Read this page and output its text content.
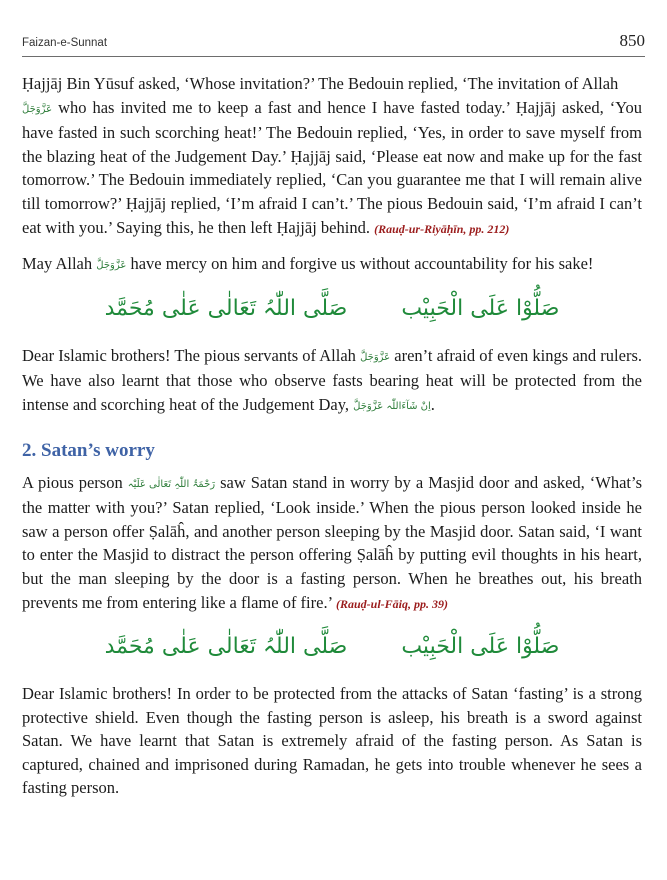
Faizan-e-Sunnat	850

Ḥajjāj Bin Yūsuf asked, ‘Whose invitation?’ The Bedouin replied, ‘The invitation of Allah
عَزَّوَجَلَّ who has invited me to keep a fast and hence I have fasted today.’ Ḥajjāj asked, ‘You have fasted in such scorching heat!’ The Bedouin replied, ‘Yes, in order to save myself from the blazing heat of the Judgement Day.’ Ḥajjāj said, ‘Please eat now and make up for the fast tomorrow.’ The Bedouin immediately replied, ‘Can you guarantee me that I will remain alive till tomorrow?’ Ḥajjāj replied, ‘I’m afraid I can’t.’ The pious Bedouin said, ‘I’m afraid I can’t eat with you.’ Saying this, he then left Ḥajjāj behind. (Rauḍ-ur-Riyāḥīn, pp. 212)

May Allah عَزَّوَجَلَّ have mercy on him and forgive us without accountability for his sake!

صَلَّی اللّٰہُ تَعَالٰی عَلٰی مُحَمَّد صَلُّوْا عَلَی الْحَبِیْب

Dear Islamic brothers! The pious servants of Allah عَزَّوَجَلَّ aren’t afraid of even kings and rulers. We have also learnt that those who observe fasts bearing heat will be protected from the intense and scorching heat of the Judgement Day, اِنْ شَآءَاللّٰہ عَزَّوَجَلَّ.

2. Satan’s worry

A pious person رَحْمَۃُ اللّٰہِ تَعَالٰی عَلَیْہ saw Satan stand in worry by a Masjid door and asked, ‘What’s the matter with you?’ Satan replied, ‘Look inside.’ When the pious person looked inside he saw a person offer Ṣalāĥ, and another person sleeping by the Masjid door. Satan said, ‘I want to enter the Masjid to distract the person offering Ṣalāĥ by putting evil thoughts in his heart, but the man sleeping by the door is a fasting person. When he breathes out, his breath prevents me from entering like a flame of fire.’ (Rauḍ-ul-Fāiq, pp. 39)

صَلَّی اللّٰہُ تَعَالٰی عَلٰی مُحَمَّد صَلُّوْا عَلَی الْحَبِیْب

Dear Islamic brothers! In order to be protected from the attacks of Satan ‘fasting’ is a strong protective shield. Even though the fasting person is asleep, his breath is a sword against Satan. We have learnt that Satan is extremely afraid of the fasting person. As Satan is captured, chained and imprisoned during Ramadan, he gets into trouble whenever he sees a fasting person.
